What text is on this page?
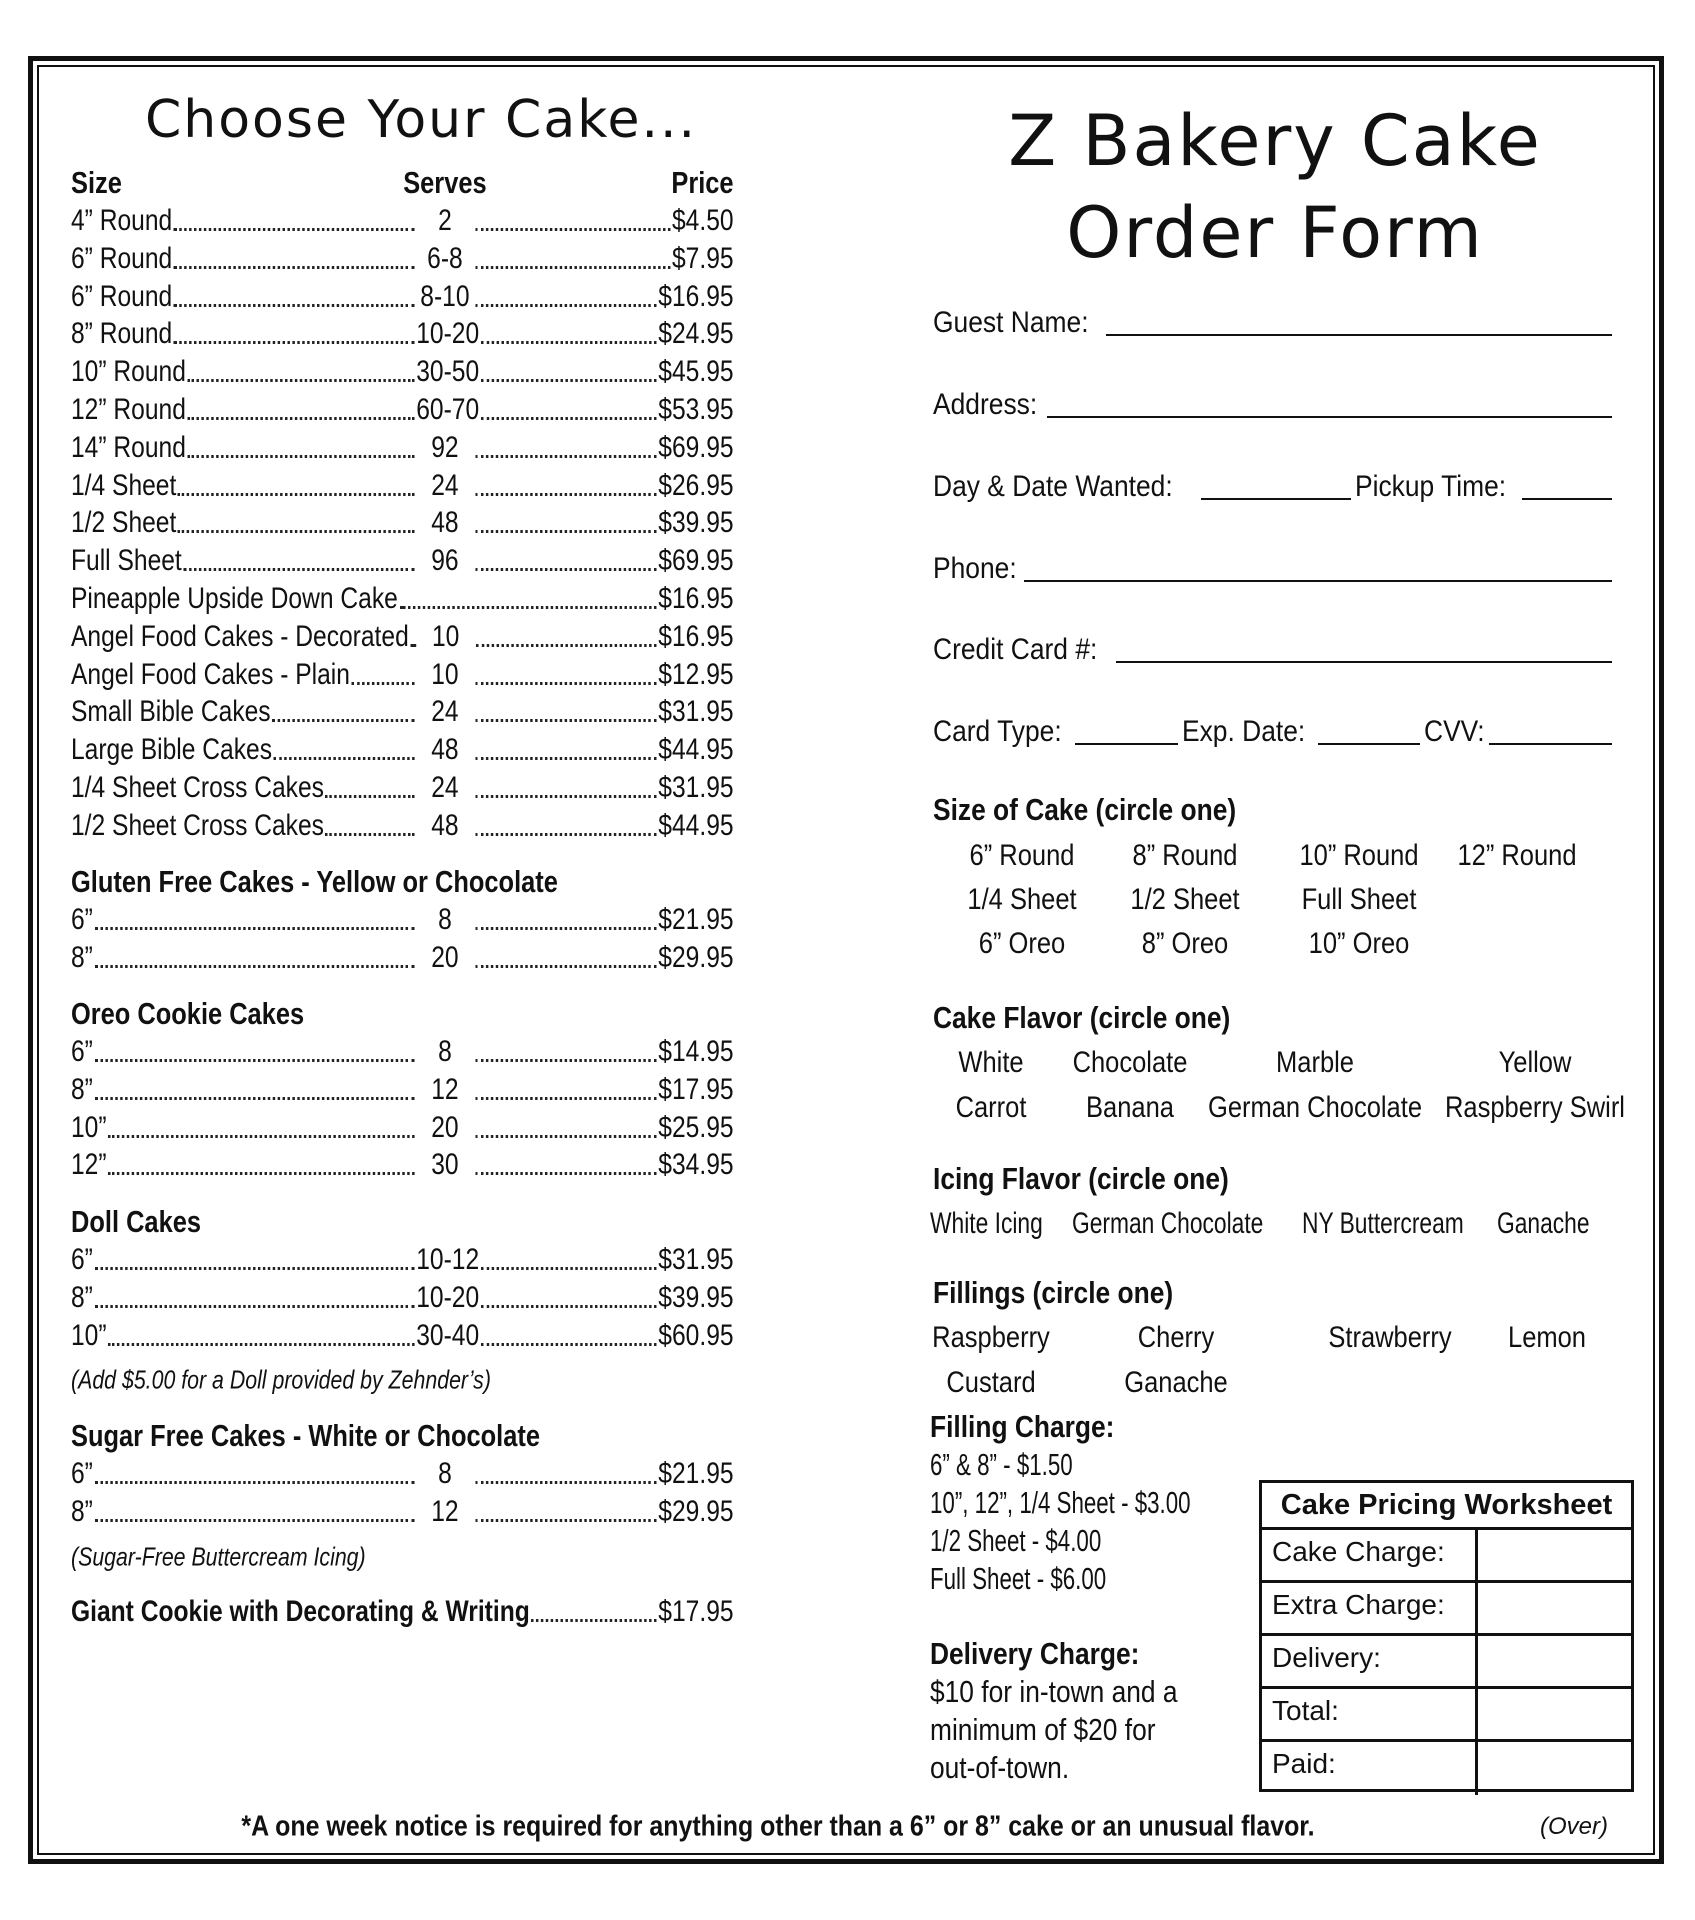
Choose Your Cake...
Size	Serves	Price
4” Round	2	$4.50
6” Round	6-8	$7.95
6” Round	8-10	$16.95
8” Round	10-20	$24.95
10” Round	30-50	$45.95
12” Round	60-70	$53.95
14” Round	92	$69.95
1/4 Sheet	24	$26.95
1/2 Sheet	48	$39.95
Full Sheet	96	$69.95
Pineapple Upside Down Cake	$16.95
Angel Food Cakes - Decorated 10	$16.95
Angel Food Cakes - Plain	10	$12.95
Small Bible Cakes	24	$31.95
Large Bible Cakes	48	$44.95
1/4 Sheet Cross Cakes	24	$31.95
1/2 Sheet Cross Cakes	48	$44.95
Gluten Free Cakes - Yellow or Chocolate
6”	8	$21.95
8”	20	$29.95
Oreo Cookie Cakes
6”	8	$14.95
8”	12	$17.95
10”	20	$25.95
12”	30	$34.95
Doll Cakes
6”	10-12	$31.95
8”	10-20	$39.95
10”	30-40	$60.95
(Add $5.00 for a Doll provided by Zehnder’s)
Sugar Free Cakes - White or Chocolate
6”	8	$21.95
8”	12	$29.95
(Sugar-Free Buttercream Icing)
Giant Cookie with Decorating & Writing	$17.95
Z Bakery Cake
Order Form
Guest Name:
Address:
Day & Date Wanted:	Pickup Time:
Phone:
Credit Card #:
Card Type:	Exp. Date:	CVV:
Size of Cake (circle one)
6” Round 8” Round 10” Round 12” Round
1/4 Sheet 1/2 Sheet Full Sheet
6” Oreo	8” Oreo	10” Oreo
Cake Flavor (circle one)
White Chocolate	Marble	Yellow
Carrot Banana German Chocolate Raspberry Swirl
Icing Flavor (circle one)
White Icing German Chocolate NY Buttercream Ganache
Fillings (circle one)
Raspberry	Cherry	Strawberry Lemon
Custard	Ganache
Filling Charge:
6” & 8” - $1.50
10”, 12”, 1/4 Sheet - $3.00
1/2 Sheet - $4.00
Full Sheet - $6.00
Delivery Charge:
$10 for in-town and a
minimum of $20 for
out-of-town.
Cake Pricing Worksheet
Cake Charge:
Extra Charge:
Delivery:
Total:
Paid:
*A one week notice is required for anything other than a 6” or 8” cake or an unusual flavor.	(Over)
